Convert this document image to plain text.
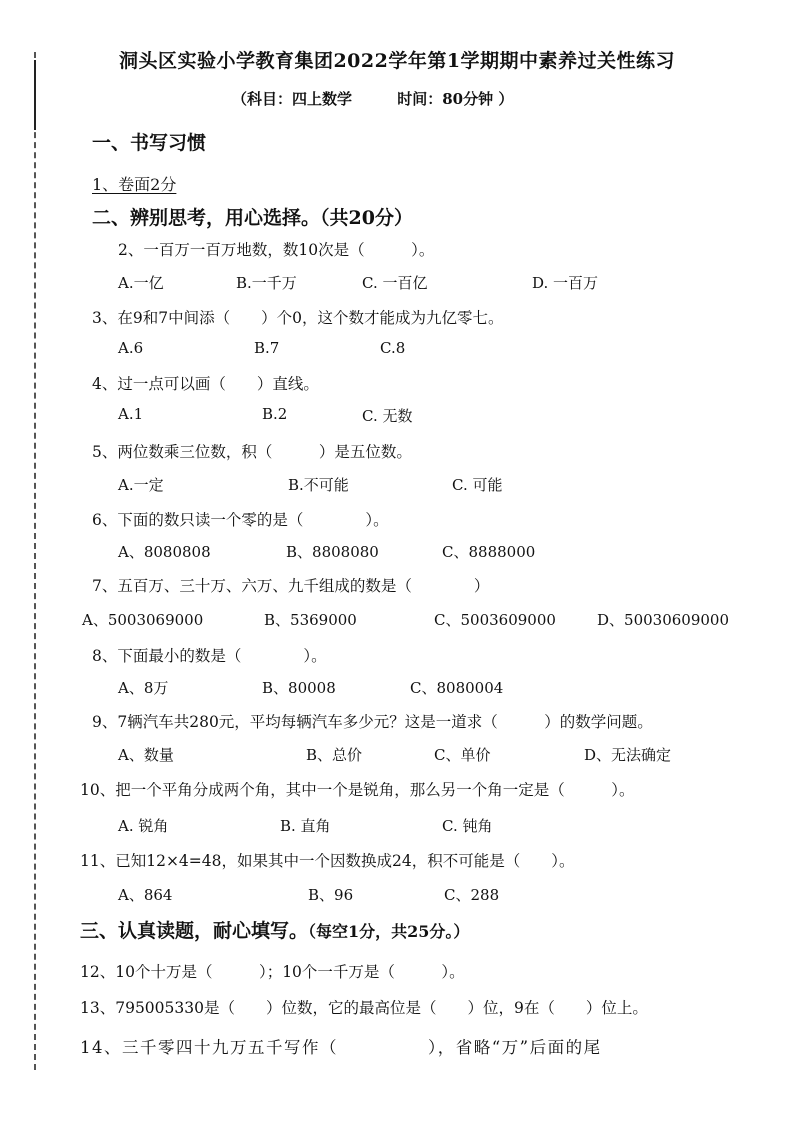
洞头区实验小学教育集团2022学年第1学期期中素养过关性练习
（科目：四上数学	时间：80分钟 ）
一、书写习惯
1、卷面2分
二、辨别思考，用心选择。（共20分）
2、一百万一百万地数，数10次是（　　　）。
A.一亿	B.一千万	C. 一百亿	D. 一百万
3、在9和7中间添（　　）个0，这个数才能成为九亿零七。
A.6	B.7	C.8
4、过一点可以画（　　）直线。
A.1	B.2	C. 无数
5、两位数乘三位数，积（　　　）是五位数。
A.一定	B.不可能	C. 可能
6、下面的数只读一个零的是（　　　　）。
A、8080808	B、8808080	C、8888000
7、五百万、三十万、六万、九千组成的数是（　　　　）
A、5003069000	B、5369000	C、5003609000	D、50030609000
8、下面最小的数是（　　　　）。
A、8万	B、80008	C、8080004
9、7辆汽车共280元，平均每辆汽车多少元？这是一道求（　　　）的数学问题。
A、数量	B、总价	C、单价	D、无法确定
10、把一个平角分成两个角，其中一个是锐角，那么另一个角一定是（　　　）。
A. 锐角	B. 直角	C. 钝角
11、已知12×4=48，如果其中一个因数换成24，积不可能是（　　）。
A、864	B、96	C、288
三、认真读题，耐心填写。（每空1分，共25分。）
12、10个十万是（　　　）；10个一千万是（　　　）。
13、795005330是（　　）位数，它的最高位是（　　）位，9在（　　）位上。
14、三千零四十九万五千写作（　　　　　），省略“万”后面的尾
